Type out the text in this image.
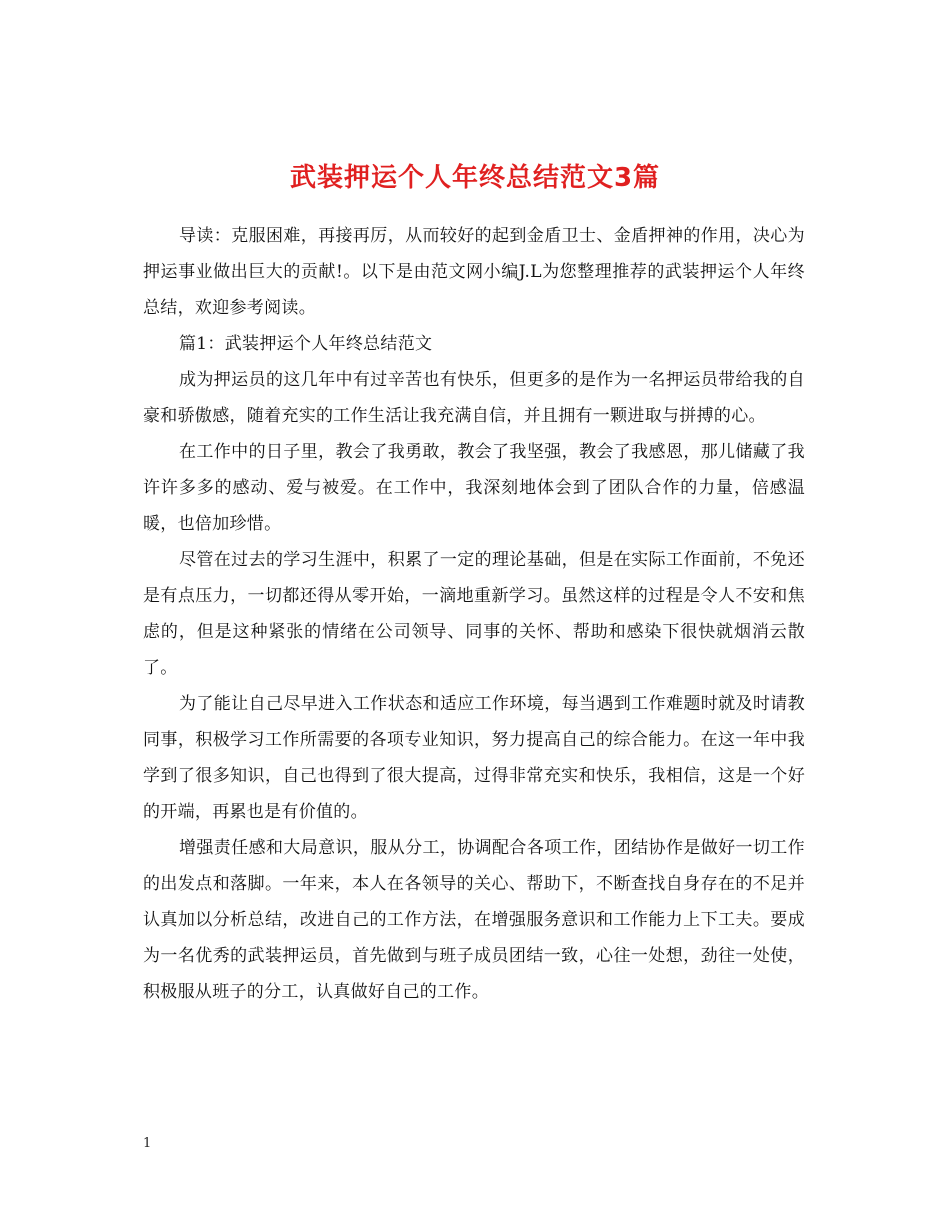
武装押运个人年终总结范文3篇

导读：克服困难，再接再厉，从而较好的起到金盾卫士、金盾押神的作用，决心为押运事业做出巨大的贡献!。以下是由范文网小编J.L为您整理推荐的武装押运个人年终总结，欢迎参考阅读。

篇1：武装押运个人年终总结范文

成为押运员的这几年中有过辛苦也有快乐，但更多的是作为一名押运员带给我的自豪和骄傲感，随着充实的工作生活让我充满自信，并且拥有一颗进取与拼搏的心。

在工作中的日子里，教会了我勇敢，教会了我坚强，教会了我感恩，那儿储藏了我许许多多的感动、爱与被爱。在工作中，我深刻地体会到了团队合作的力量，倍感温暖，也倍加珍惜。

尽管在过去的学习生涯中，积累了一定的理论基础，但是在实际工作面前，不免还是有点压力，一切都还得从零开始，一滴地重新学习。虽然这样的过程是令人不安和焦虑的，但是这种紧张的情绪在公司领导、同事的关怀、帮助和感染下很快就烟消云散了。

为了能让自己尽早进入工作状态和适应工作环境，每当遇到工作难题时就及时请教同事，积极学习工作所需要的各项专业知识，努力提高自己的综合能力。在这一年中我学到了很多知识，自己也得到了很大提高，过得非常充实和快乐，我相信，这是一个好的开端，再累也是有价值的。

增强责任感和大局意识，服从分工，协调配合各项工作，团结协作是做好一切工作的出发点和落脚。一年来，本人在各领导的关心、帮助下，不断查找自身存在的不足并认真加以分析总结，改进自己的工作方法，在增强服务意识和工作能力上下工夫。要成为一名优秀的武装押运员，首先做到与班子成员团结一致，心往一处想，劲往一处使，积极服从班子的分工，认真做好自己的工作。

1
